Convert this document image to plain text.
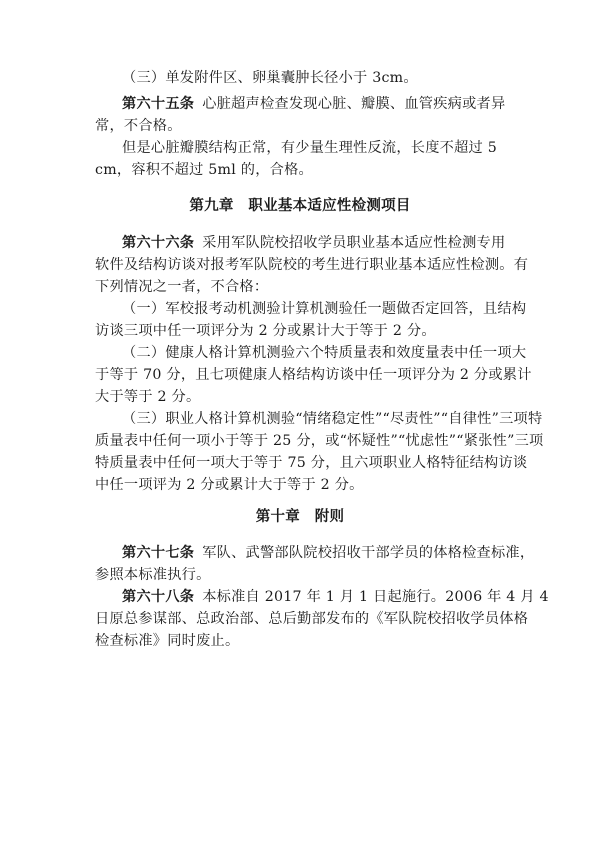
（三）单发附件区、卵巢囊肿长径小于 3cm。
第六十五条 心脏超声检查发现心脏、瓣膜、血管疾病或者异
常，不合格。
但是心脏瓣膜结构正常，有少量生理性反流，长度不超过 5
cm，容积不超过 5ml 的，合格。
第九章　职业基本适应性检测项目
第六十六条 采用军队院校招收学员职业基本适应性检测专用
软件及结构访谈对报考军队院校的考生进行职业基本适应性检测。有
下列情况之一者，不合格：
（一）军校报考动机测验计算机测验任一题做否定回答，且结构
访谈三项中任一项评分为 2 分或累计大于等于 2 分。
（二）健康人格计算机测验六个特质量表和效度量表中任一项大
于等于 70 分，且七项健康人格结构访谈中任一项评分为 2 分或累计
大于等于 2 分。
（三）职业人格计算机测验“情绪稳定性”“尽责性”“自律性”三项特
质量表中任何一项小于等于 25 分，或“怀疑性”“忧虑性”“紧张性”三项
特质量表中任何一项大于等于 75 分，且六项职业人格特征结构访谈
中任一项评为 2 分或累计大于等于 2 分。
第十章　附则
第六十七条 军队、武警部队院校招收干部学员的体格检查标准，
参照本标准执行。
第六十八条 本标准自 2017 年 1 月 1 日起施行。2006 年 4 月 4
日原总参谋部、总政治部、总后勤部发布的《军队院校招收学员体格
检查标准》同时废止。
